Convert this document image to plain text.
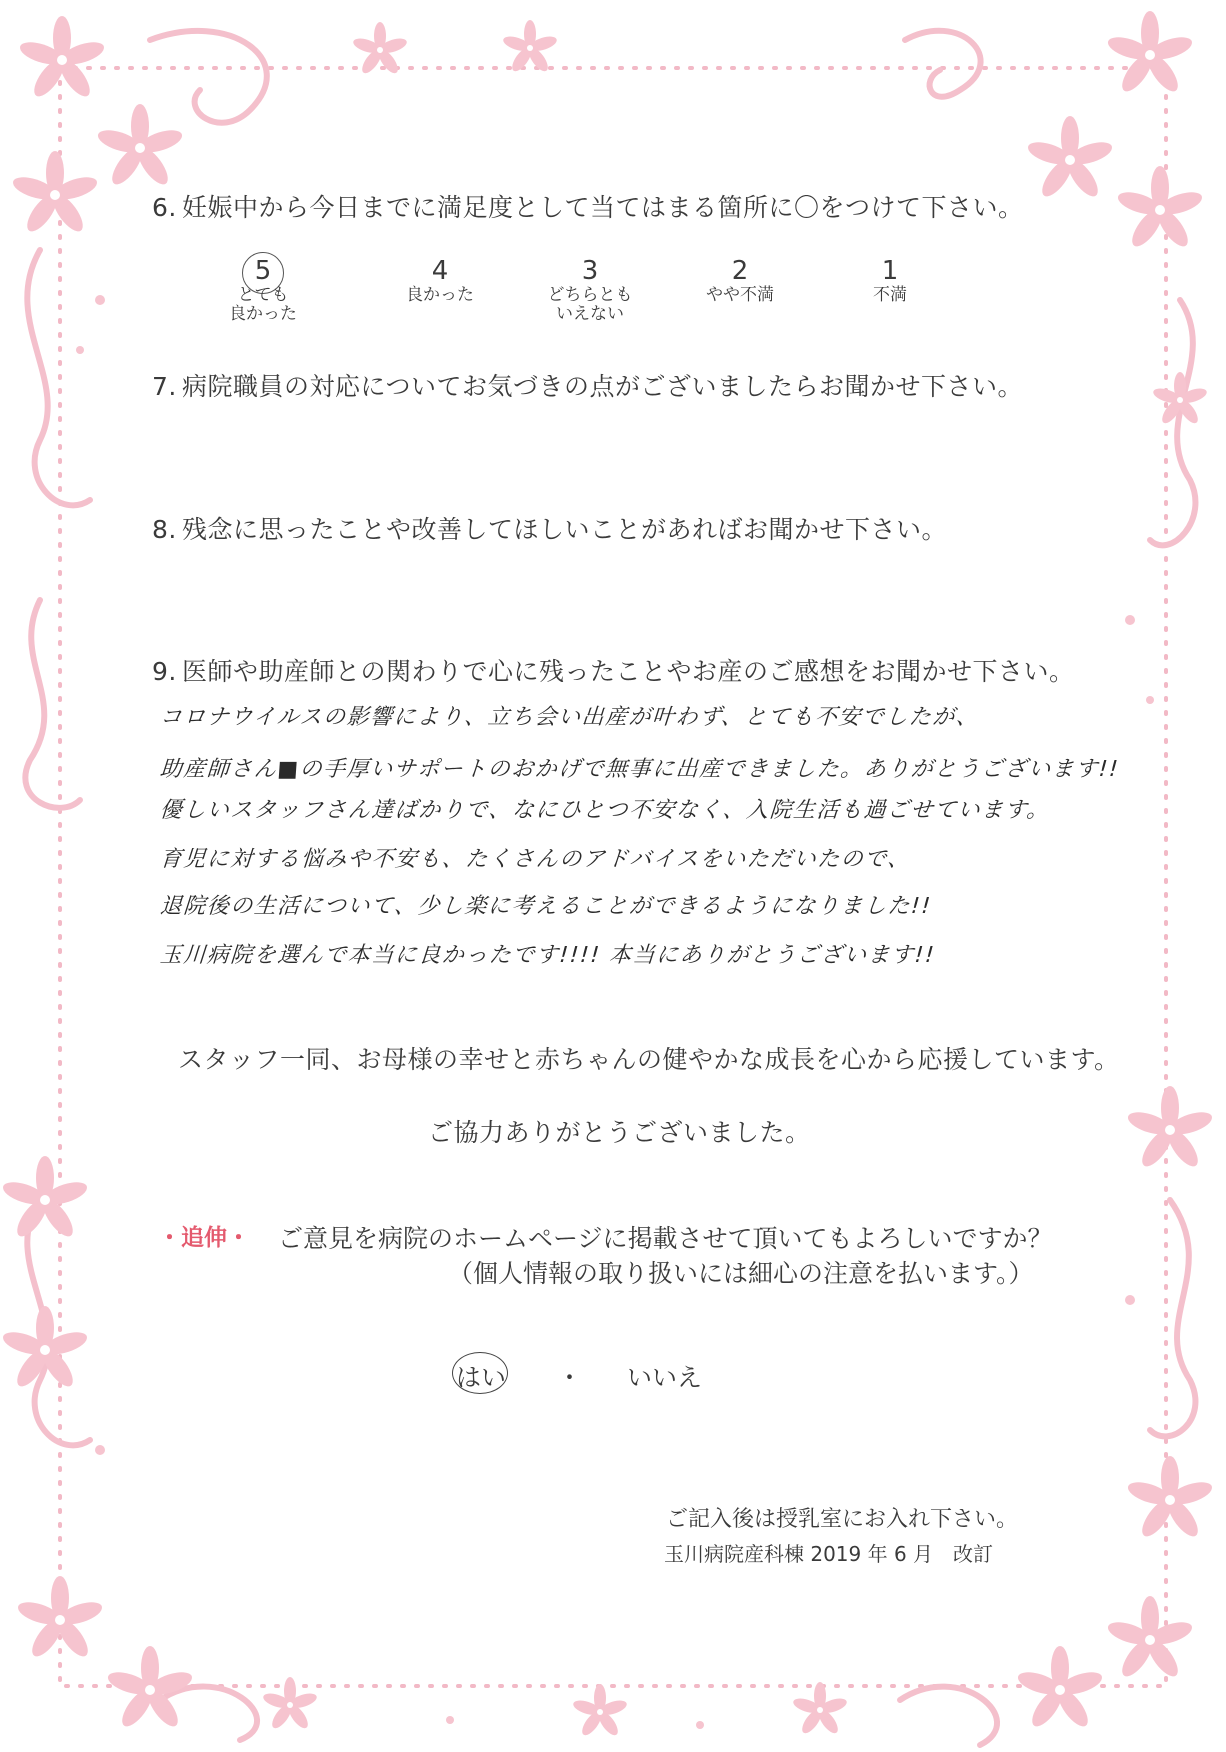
6. 妊娠中から今日までに満足度として当てはまる箇所に〇をつけて下さい。
5
とても
良かった
4
良かった
3
どちらとも
いえない
2
やや不満
1
不満
7. 病院職員の対応についてお気づきの点がございましたらお聞かせ下さい。
8. 残念に思ったことや改善してほしいことがあればお聞かせ下さい。
9. 医師や助産師との関わりで心に残ったことやお産のご感想をお聞かせ下さい。
コロナウイルスの影響により、立ち会い出産が叶わず、とても不安でしたが、
助産師さん■の手厚いサポートのおかげで無事に出産できました。ありがとうございます!!
優しいスタッフさん達ばかりで、なにひとつ不安なく、入院生活も過ごせています。
育児に対する悩みや不安も、たくさんのアドバイスをいただいたので、
退院後の生活について、少し楽に考えることができるようになりました!!
玉川病院を選んで本当に良かったです!!!! 本当にありがとうございます!!
スタッフ一同、お母様の幸せと赤ちゃんの健やかな成長を心から応援しています。
ご協力ありがとうございました。
・追伸・ ご意見を病院のホームページに掲載させて頂いてもよろしいですか？
（個人情報の取り扱いには細心の注意を払います。）
はい ・ いいえ
ご記入後は授乳室にお入れ下さい。
玉川病院産科棟 2019 年 6 月　改訂
